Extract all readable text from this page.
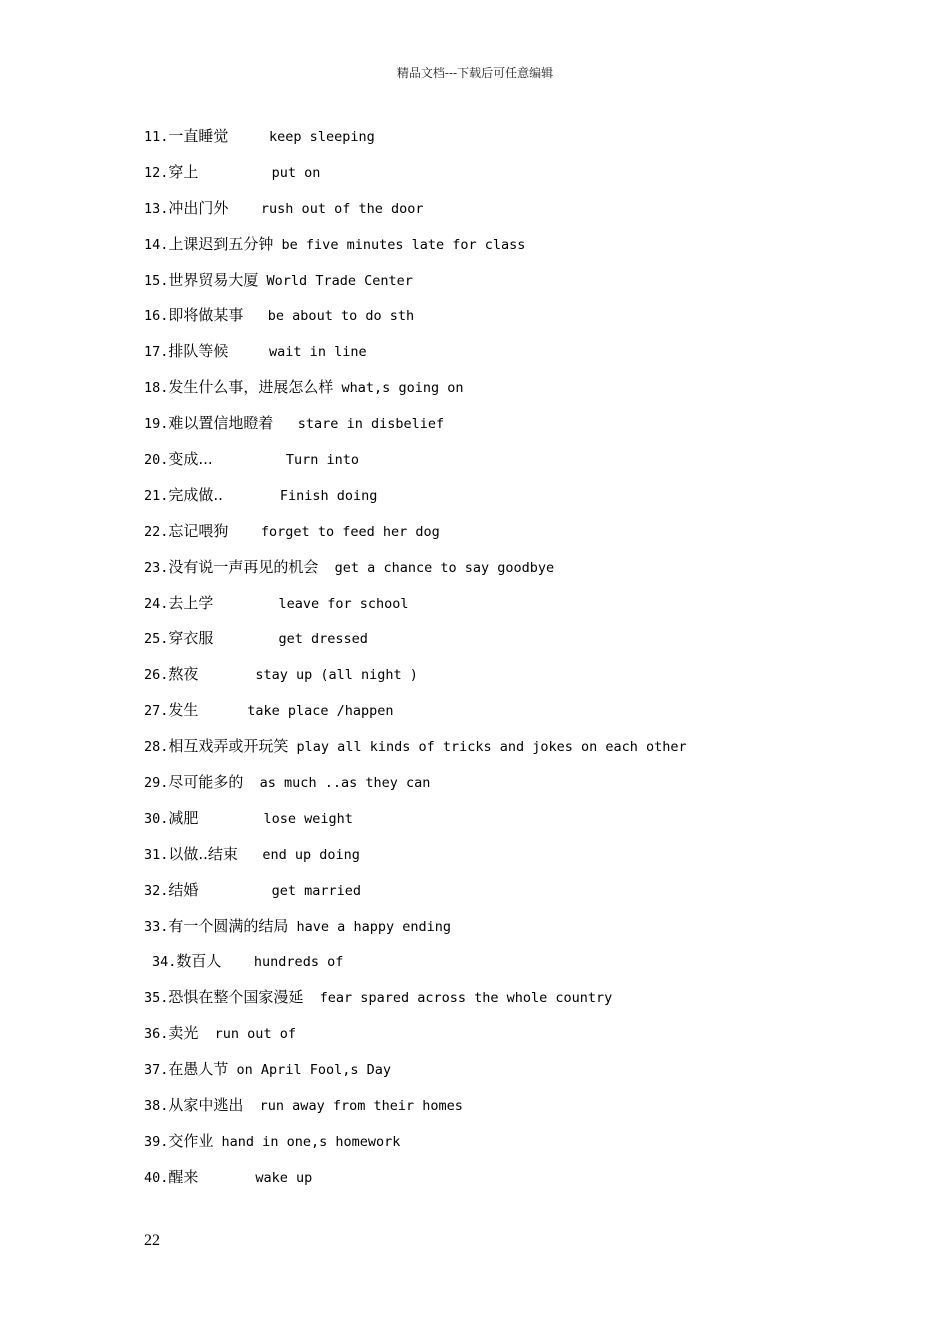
精品文档---下载后可任意编辑
11.一直睡觉	keep sleeping
12.穿上	put on
13.冲出门外 rush out of the door
14.上课迟到五分钟 be five minutes late for class
15.世界贸易大厦 World Trade Center
16.即将做某事 be about to do sth
17.排队等候	wait in line
18.发生什么事，进展怎么样 what,s going on
19.难以置信地瞪着 stare in disbelief
20.变成...	Turn into
21.完成做..	Finish doing
22.忘记喂狗 forget to feed her dog
23.没有说一声再见的机会 get a chance to say goodbye
24.去上学	leave for school
25.穿衣服	get dressed
26.熬夜	stay up (all night )
27.发生	take place /happen
28.相互戏弄或开玩笑 play all kinds of tricks and jokes on each other
29.尽可能多的 as much ..as they can
30.减肥	lose weight
31.以做..结束 end up doing
32.结婚	get married
33.有一个圆满的结局 have a happy ending
34.数百人 hundreds of
35.恐惧在整个国家漫延 fear spared across the whole country
36.卖光 run out of
37.在愚人节 on April Fool,s Day
38.从家中逃出 run away from their homes
39.交作业 hand in one,s homework
40.醒来	wake up
22
